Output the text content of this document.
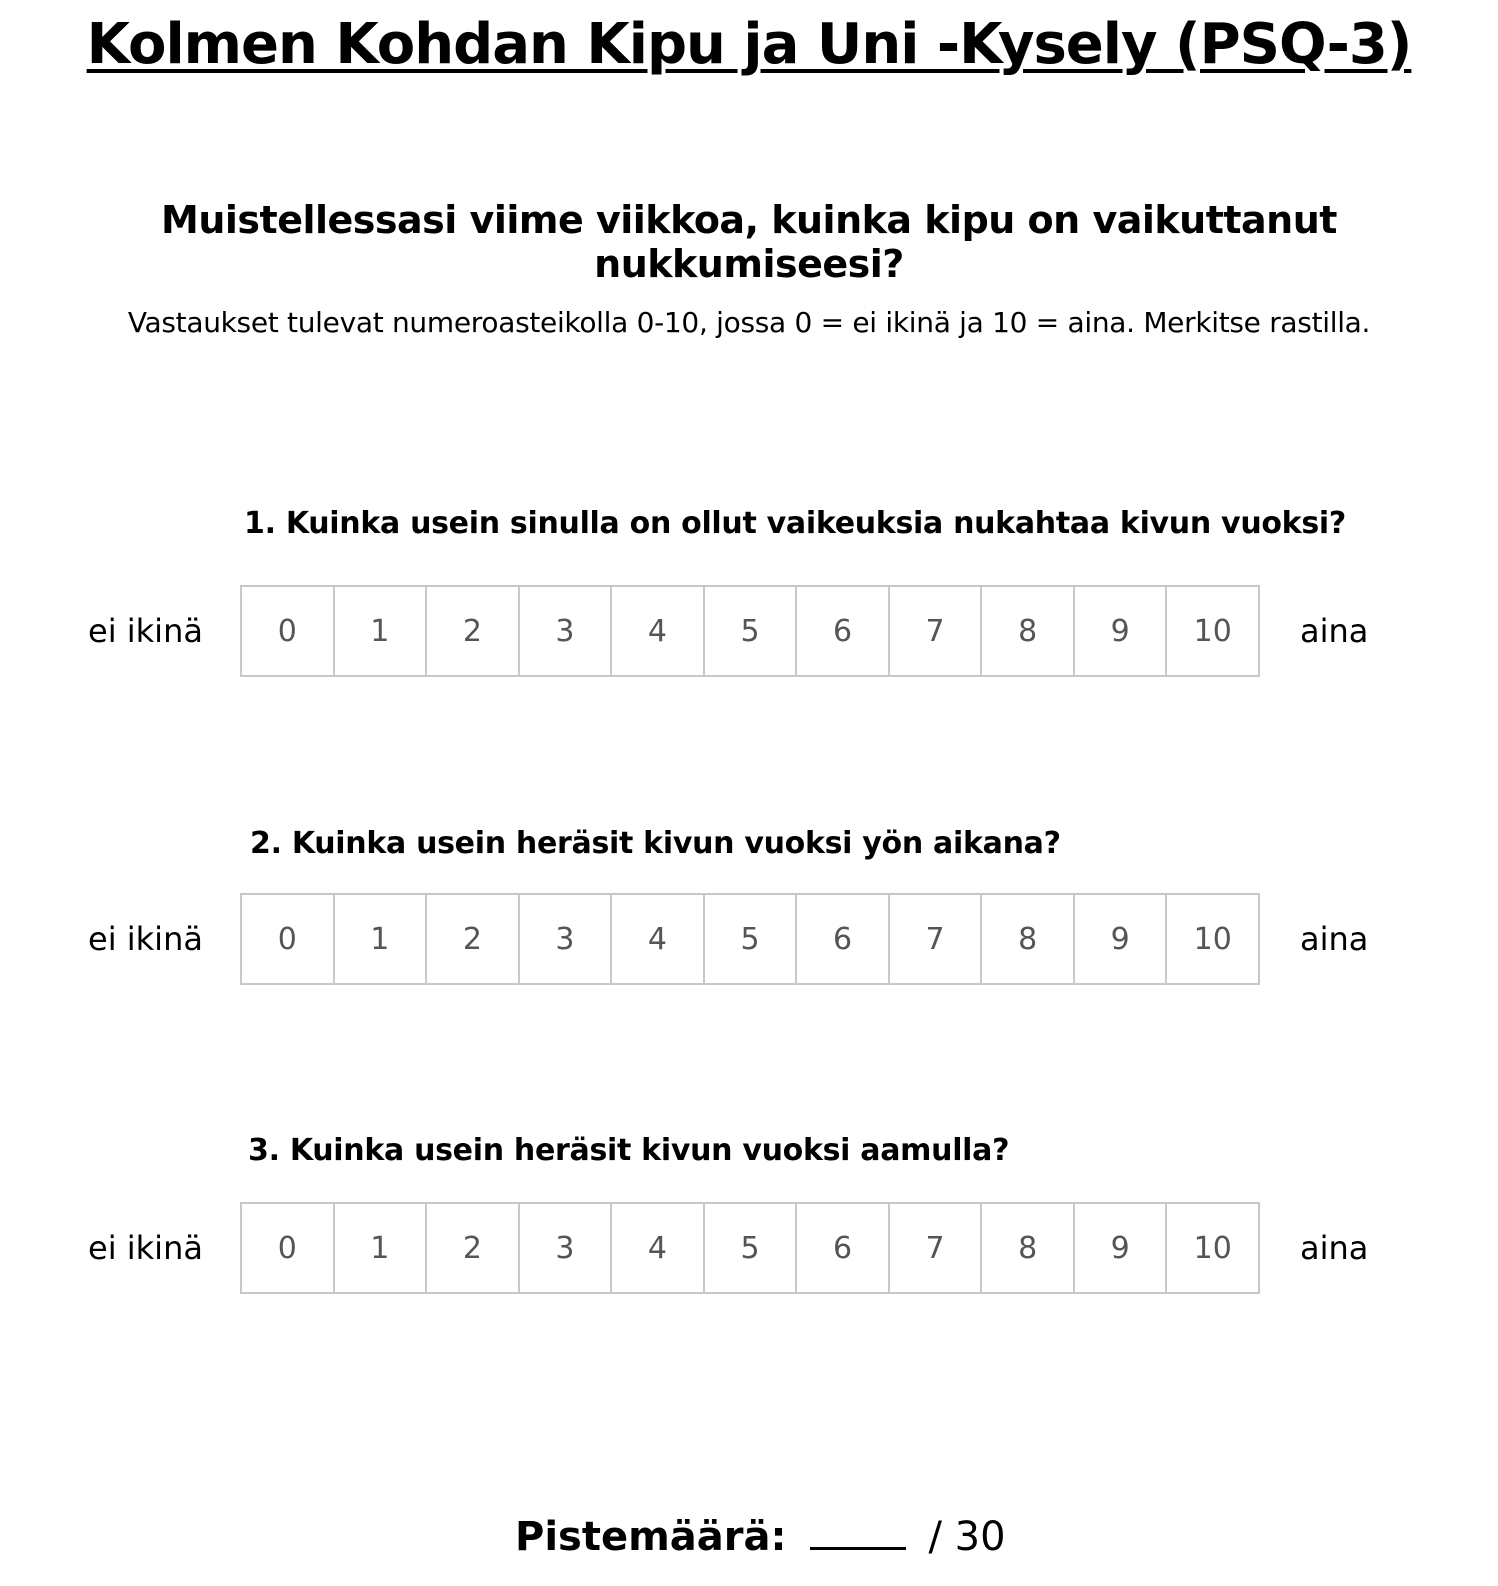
Kolmen Kohdan Kipu ja Uni -Kysely (PSQ-3)
Muistellessasi viime viikkoa, kuinka kipu on vaikuttanut nukkumiseesi?
Vastaukset tulevat numeroasteikolla 0-10, jossa 0 = ei ikinä ja 10 = aina. Merkitse rastilla.
1. Kuinka usein sinulla on ollut vaikeuksia nukahtaa kivun vuoksi?
ei ikinä	0	1	2	3	4	5	6	7	8	9	10	aina
2. Kuinka usein heräsit kivun vuoksi yön aikana?
ei ikinä	0	1	2	3	4	5	6	7	8	9	10	aina
3. Kuinka usein heräsit kivun vuoksi aamulla?
ei ikinä	0	1	2	3	4	5	6	7	8	9	10	aina
Pistemäärä:	/ 30
